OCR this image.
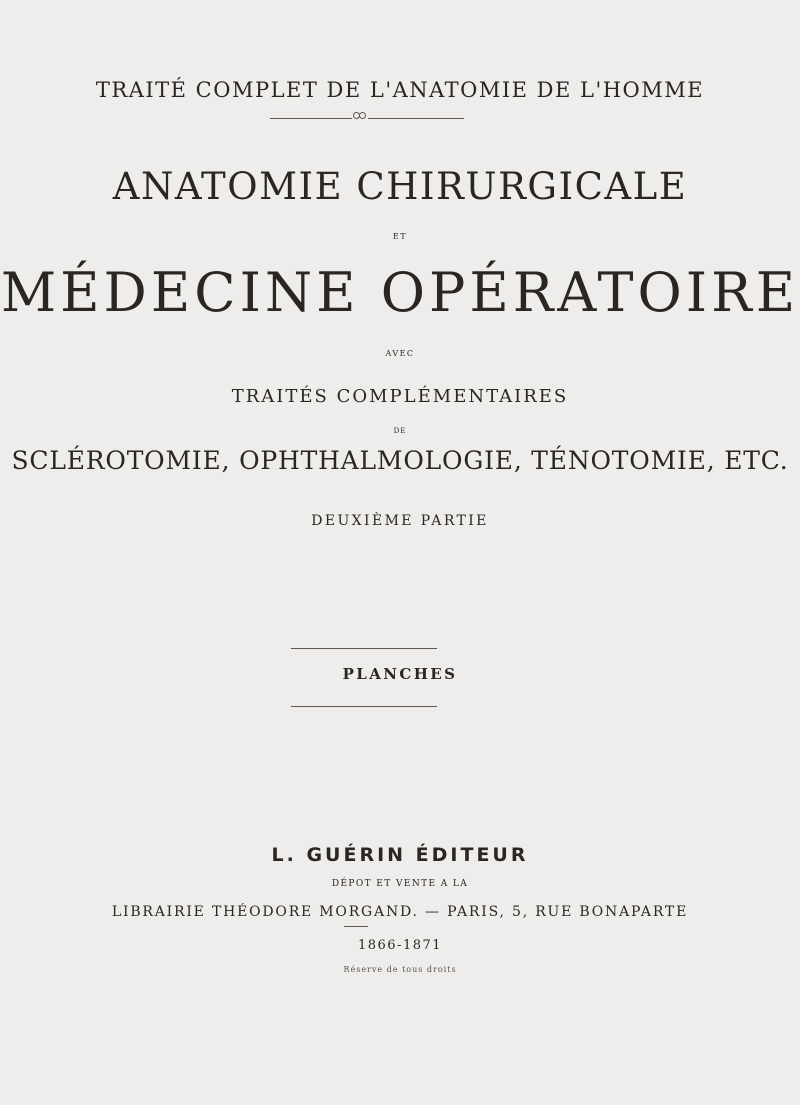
TRAITÉ COMPLET DE L'ANATOMIE DE L'HOMME
ANATOMIE CHIRURGICALE
ET
MÉDECINE OPÉRATOIRE
AVEC
TRAITÉS COMPLÉMENTAIRES
DE
SCLÉROTOMIE, OPHTHALMOLOGIE, TÉNOTOMIE, ETC.
DEUXIÈME PARTIE
PLANCHES
L. GUÉRIN ÉDITEUR
DÉPOT ET VENTE A LA
LIBRAIRIE THÉODORE MORGAND. — PARIS, 5, RUE BONAPARTE
1866-1871
Réserve de tous droits
